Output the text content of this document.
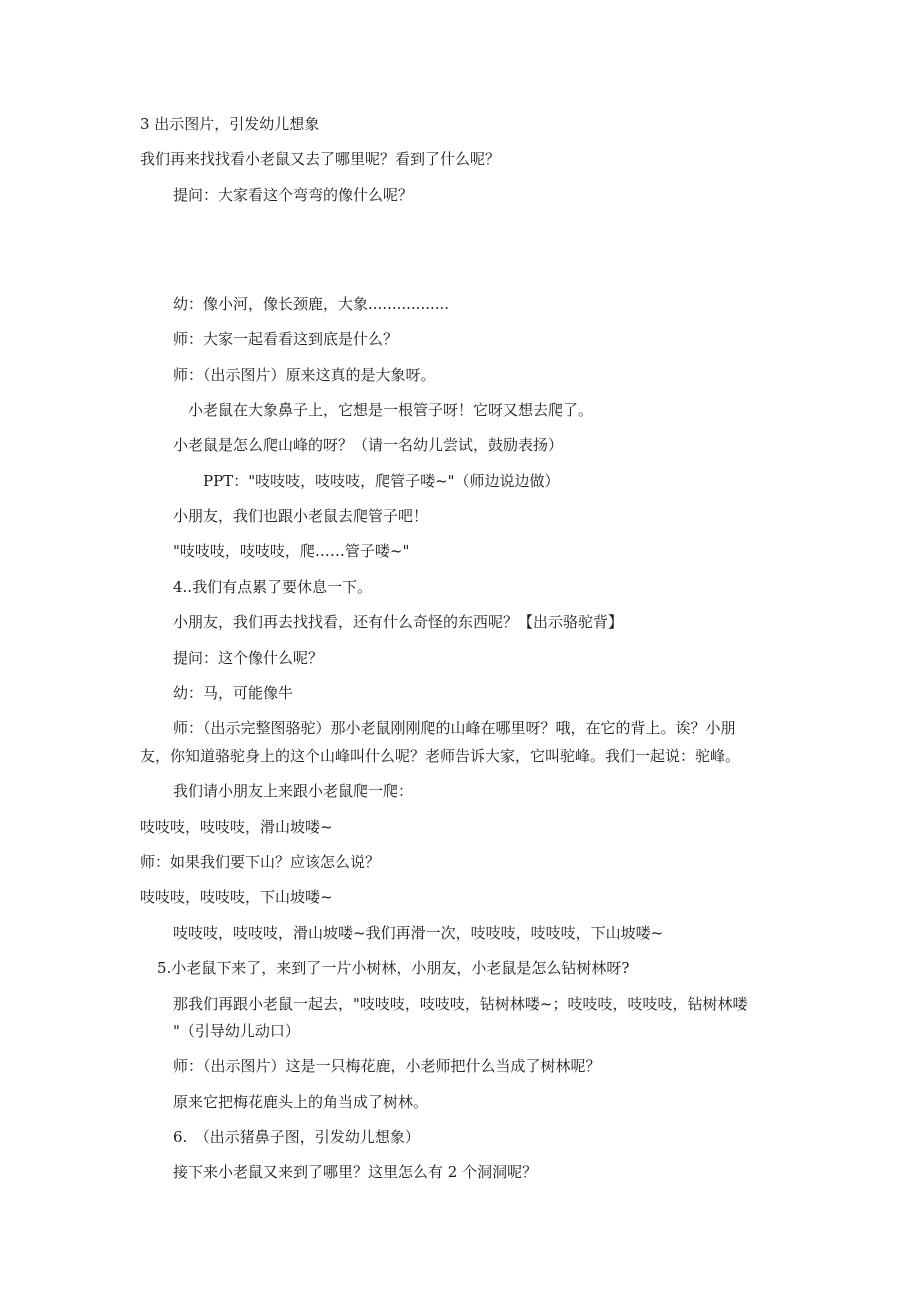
3 出示图片，引发幼儿想象

我们再来找找看小老鼠又去了哪里呢？看到了什么呢？

提问：大家看这个弯弯的像什么呢？

幼：像小河，像长颈鹿，大象.................

师：大家一起看看这到底是什么？

师：（出示图片）原来这真的是大象呀。

小老鼠在大象鼻子上，它想是一根管子呀！它呀又想去爬了。

小老鼠是怎么爬山峰的呀？（请一名幼儿尝试，鼓励表扬）

PPT："吱吱吱，吱吱吱，爬管子喽~"（师边说边做）

小朋友，我们也跟小老鼠去爬管子吧！

"吱吱吱，吱吱吱，爬……管子喽~"

4..我们有点累了要休息一下。

小朋友，我们再去找找看，还有什么奇怪的东西呢？【出示骆驼背】

提问：这个像什么呢？

幼：马，可能像牛

师：（出示完整图骆驼）那小老鼠刚刚爬的山峰在哪里呀？哦，在它的背上。诶？小朋

友，你知道骆驼身上的这个山峰叫什么呢？老师告诉大家，它叫驼峰。我们一起说：驼峰。

我们请小朋友上来跟小老鼠爬一爬：

吱吱吱，吱吱吱，滑山坡喽~

师：如果我们要下山？应该怎么说？

吱吱吱，吱吱吱，下山坡喽~

吱吱吱，吱吱吱，滑山坡喽~我们再滑一次，吱吱吱，吱吱吱，下山坡喽~

5.小老鼠下来了，来到了一片小树林，小朋友，小老鼠是怎么钻树林呀?

那我们再跟小老鼠一起去，"吱吱吱，吱吱吱，钻树林喽~；吱吱吱，吱吱吱，钻树林喽

"（引导幼儿动口）

师：（出示图片）这是一只梅花鹿，小老师把什么当成了树林呢？

原来它把梅花鹿头上的角当成了树林。

6.　（出示猪鼻子图，引发幼儿想象）

接下来小老鼠又来到了哪里？这里怎么有 2 个洞洞呢？
